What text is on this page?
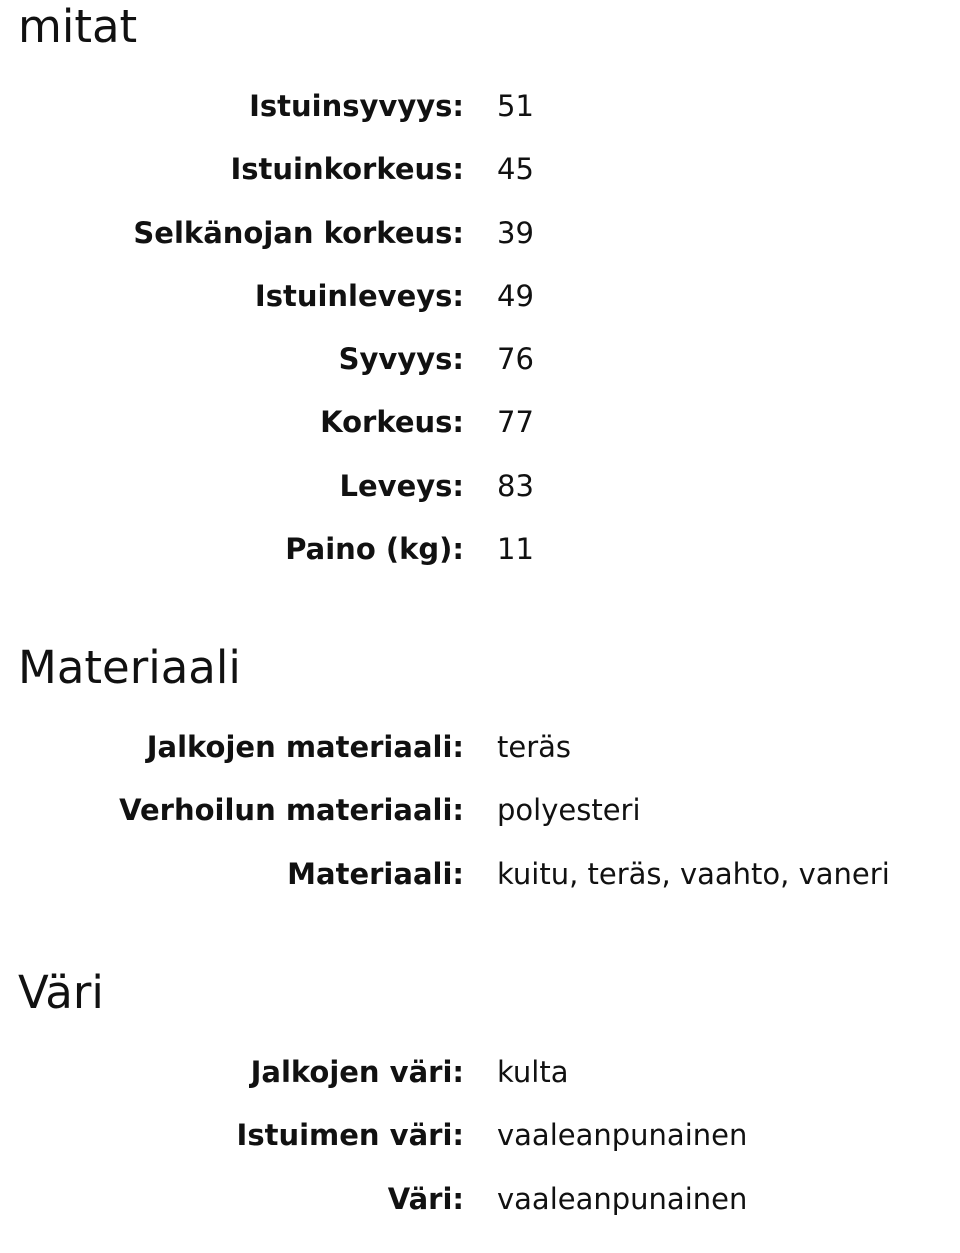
mitat
Istuinsyvyys: 51
Istuinkorkeus: 45
Selkänojan korkeus: 39
Istuinleveys: 49
Syvyys: 76
Korkeus: 77
Leveys: 83
Paino (kg): 11
Materiaali
Jalkojen materiaali: teräs
Verhoilun materiaali: polyesteri
Materiaali: kuitu, teräs, vaahto, vaneri
Väri
Jalkojen väri: kulta
Istuimen väri: vaaleanpunainen
Väri: vaaleanpunainen
